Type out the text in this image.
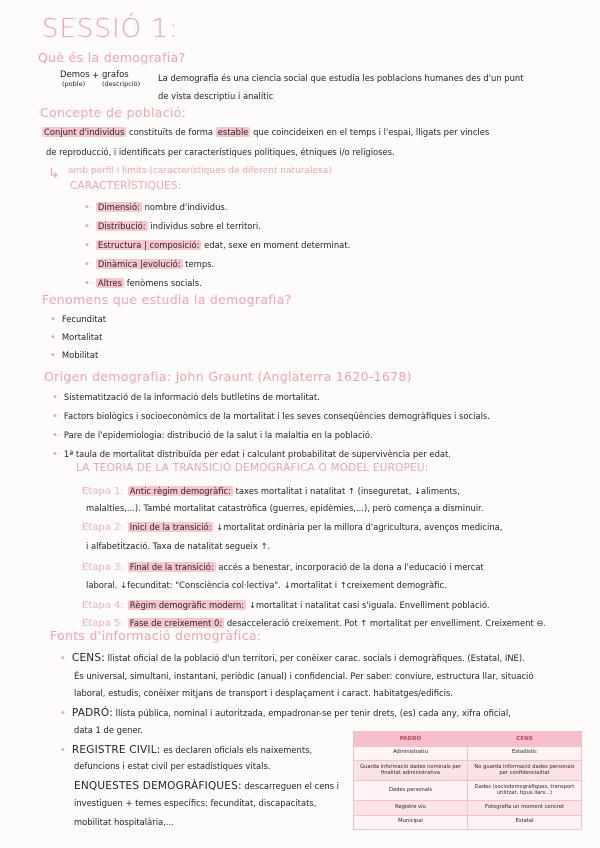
SESSIÓ 1:
Què és la demografia?
Demos
(poble)
+ grafos
(descripció)
La demografia és una ciencia social que estudia les poblacions humanes des d'un punt
de vista descriptiu i analític
Concepte de població:
Conjunt d'individus constituïts de forma estable que coincideixen en el temps i l'espai, lligats per vincles
de reproducció, i identificats per característiques polítiques, étniques i/o religioses.
↳ amb perfil i límits (característiques de diferent naturalesa)
CARACTERÍSTIQUES:
• Dimensió: nombre d'individus.
• Distribució: individus sobre el territori.
• Estructura | composició: edat, sexe en moment determinat.
• Dinàmica |evolució: temps.
• Altres fenòmens socials.
Fenomens que estudia la demografia?
• Fecunditat
• Mortalitat
• Mobilitat
Origen demografia: John Graunt (Anglaterra 1620-1678)
• Sistematització de la informació dels butlletins de mortalitat.
• Factors biològics i socioeconòmics de la mortalitat i les seves conseqüències demogràfiques i socials.
• Pare de l'epidemiologia: distribució de la salut i la malaltia en la població.
• 1ª taula de mortalitat distribuïda per edat i calculant probabilitat de supervivència per edat.
LA TEORIA DE LA TRANSICIÓ DEMOGRÀFICA O MODEL EUROPEU:
Etapa 1: Antic règim demogràfic: taxes mortalitat i natalitat ↑ (inseguretat, ↓aliments,
malalties,...). També mortalitat catastròfica (guerres, epidèmies,...), però comença a disminuir.
Etapa 2: Inici de la transició: ↓mortalitat ordinària per la millora d'agricultura, avenços medicina,
i alfabetització. Taxa de natalitat segueix ↑.
Etapa 3: Final de la transició: accés a benestar, incorporació de la dona a l'educació i mercat
laboral. ↓fecunditat: "Consciència col·lectiva". ↓mortalitat i ↑creixement demogràfic.
Etapa 4: Règim demogràfic modern: ↓mortalitat i natalitat casi s'iguala. Envelliment població.
Etapa 5: Fase de creixement 0: desacceleració creixement. Pot ↑ mortalitat per envelliment. Creixement ⊖.
Fonts d'informació demogràfica:
• CENS: llistat oficial de la població d'un territori, per conèixer carac. socials i demogràfiques. (Estatal, INE).
És universal, simultani, instantani, periòdic (anual) i confidencial. Per saber: conviure, estructura llar, situació
laboral, estudis, conèixer mitjans de transport i desplaçament i caract. habitatges/edificis.
• PADRÓ: llista pública, nominal i autoritzada, empadronar-se per tenir drets, (es) cada any, xifra oficial,
data 1 de gener.
• REGISTRE CIVIL: es declaren oficials els naixements,
defuncions i estat civil per estadístiques vitals.
ENQUESTES DEMOGRÀFIQUES: descarreguen el cens i
investiguen + temes específics: fecunditat, discapacitats,
mobilitat hospitalària,...
PADRÓ	CENS
Administratiu	Estadístic
Guarda informació dades nominals per finalitat administrativa	No guarda informació dades personals per confidencialitat
Dades personals	Dades (sociodemogràfiques, transport utilitzat, tipus llars...)
Registre viu	Fotografia un moment concret
Municipal	Estatal
